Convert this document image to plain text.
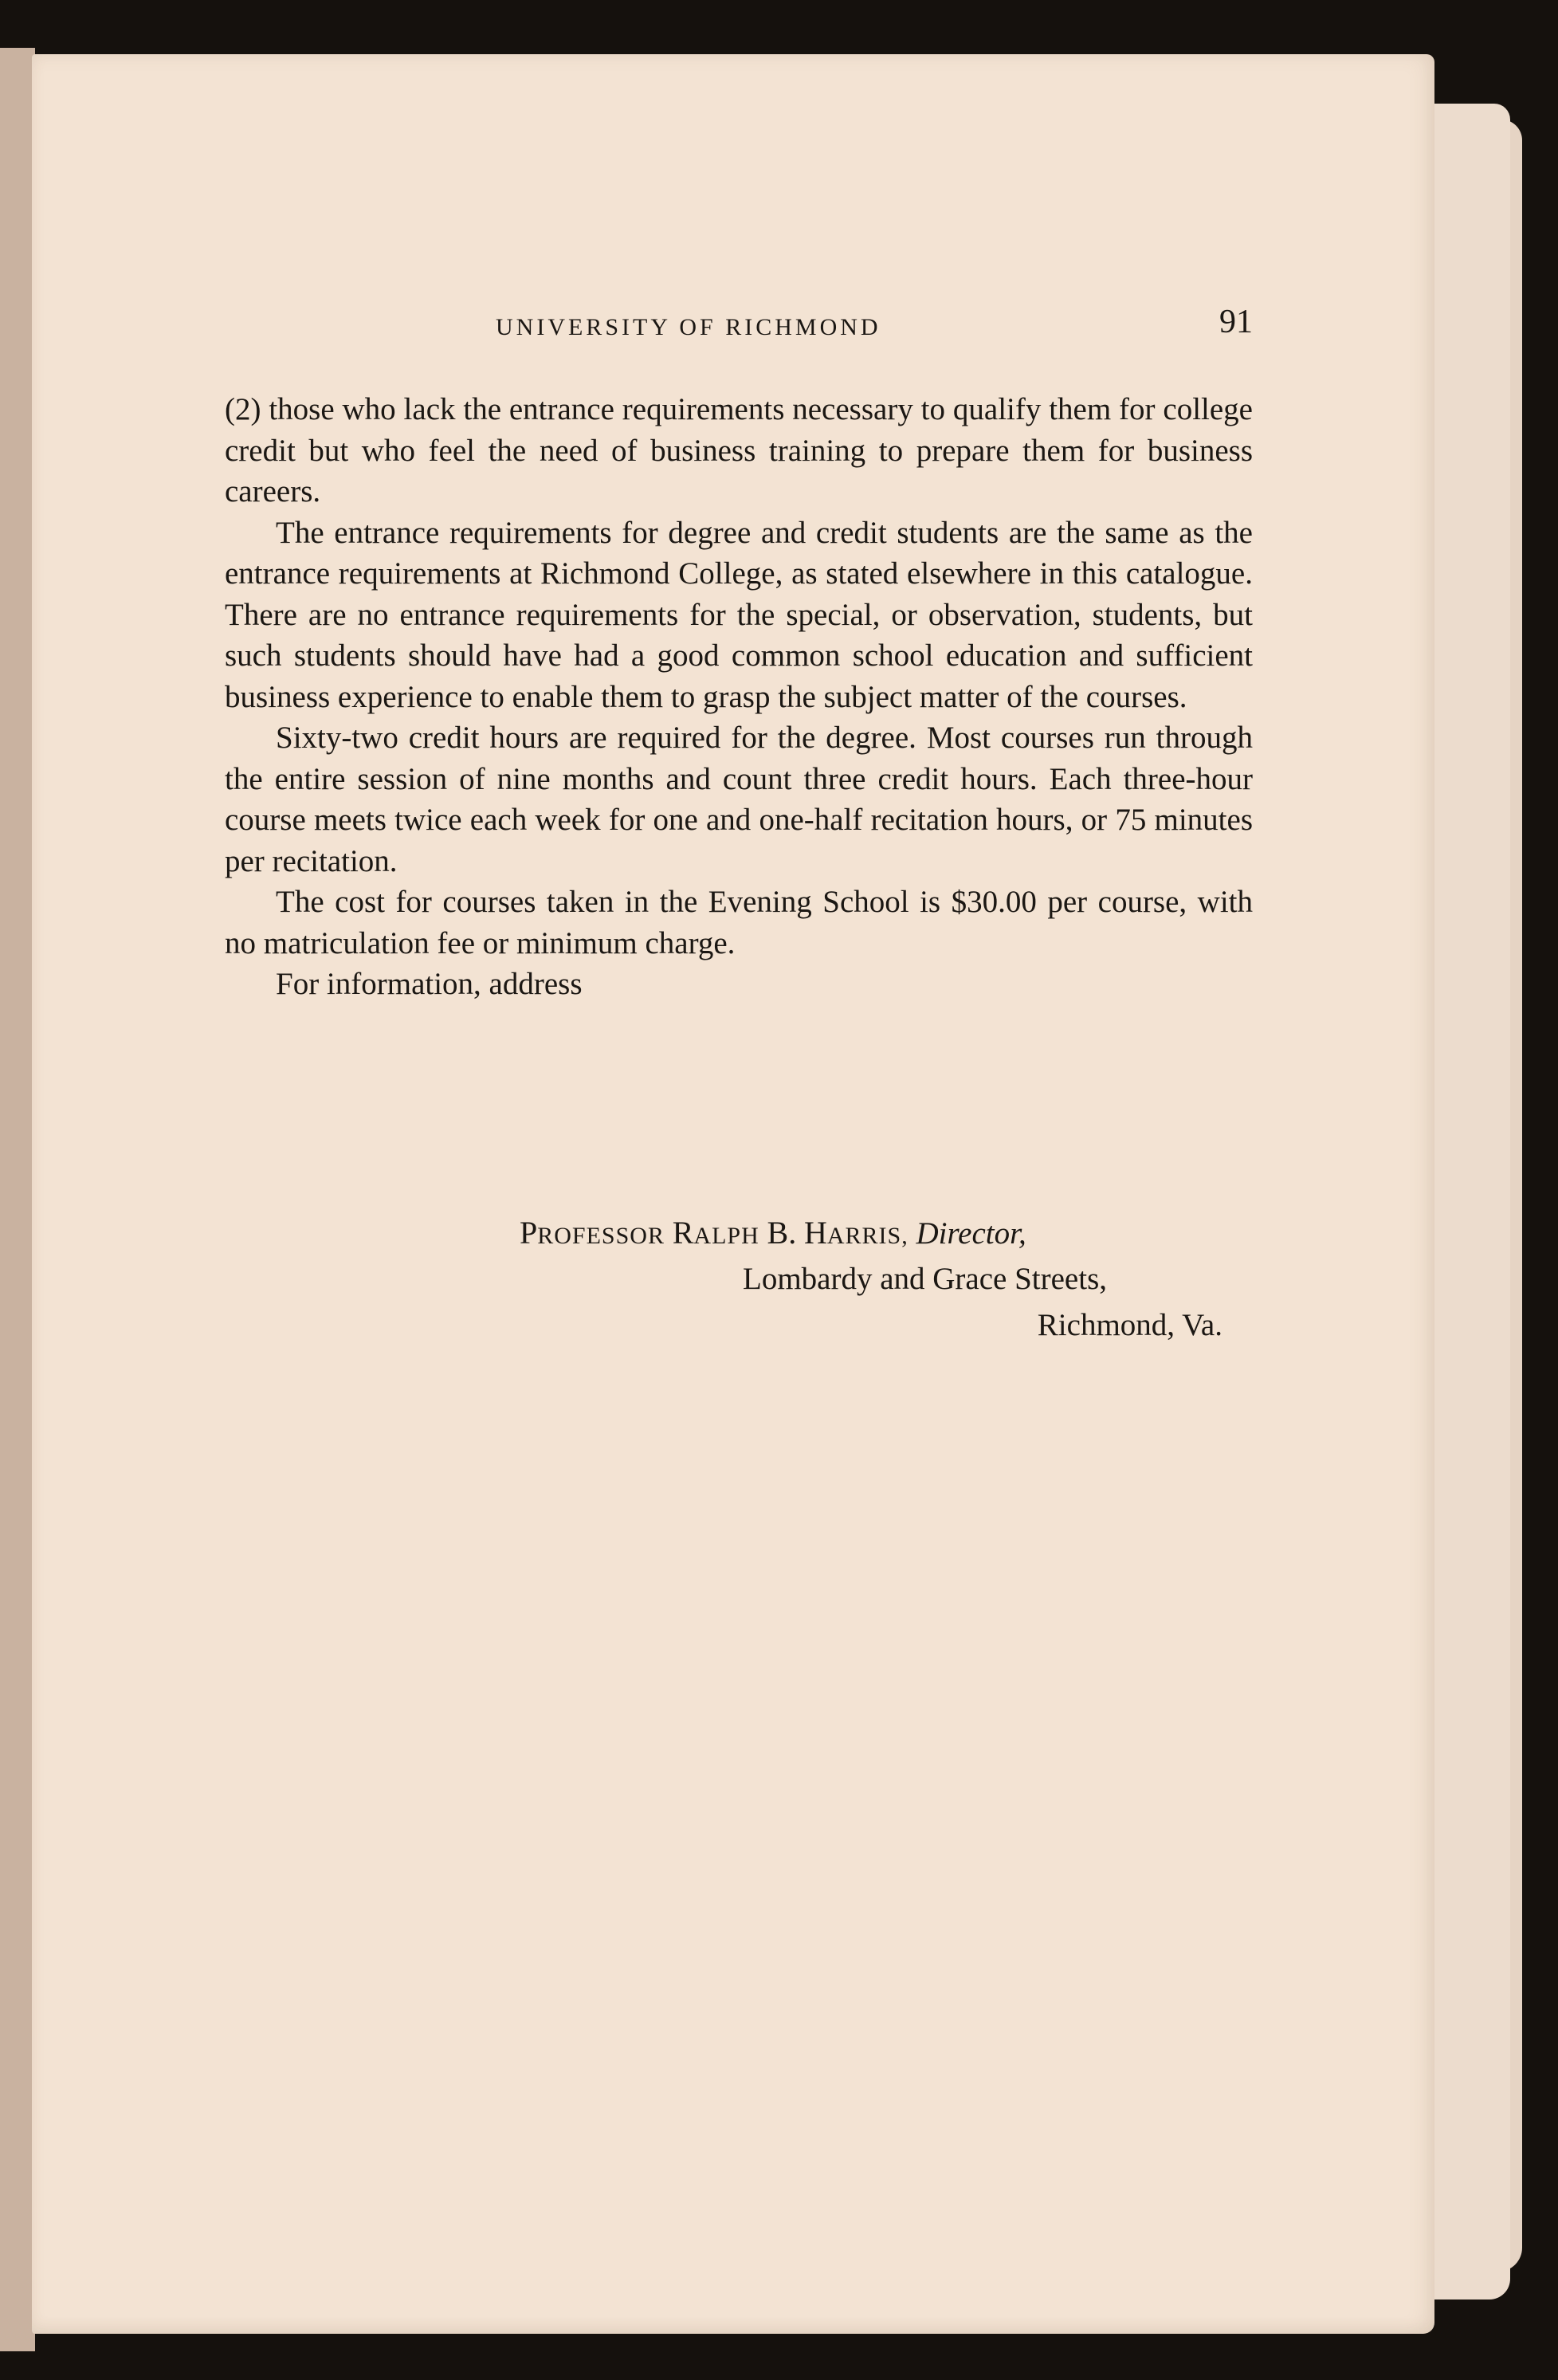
UNIVERSITY OF RICHMOND	91

(2) those who lack the entrance requirements necessary to qualify them for college credit but who feel the need of business training to prepare them for business careers.

The entrance requirements for degree and credit students are the same as the entrance requirements at Richmond College, as stated elsewhere in this catalogue. There are no entrance requirements for the special, or observation, students, but such students should have had a good common school education and sufficient business experience to enable them to grasp the subject matter of the courses.

Sixty-two credit hours are required for the degree. Most courses run through the entire session of nine months and count three credit hours. Each three-hour course meets twice each week for one and one-half recitation hours, or 75 minutes per recitation.

The cost for courses taken in the Evening School is $30.00 per course, with no matriculation fee or minimum charge.

For information, address

PROFESSOR RALPH B. HARRIS, Director,
Lombardy and Grace Streets,
Richmond, Va.
